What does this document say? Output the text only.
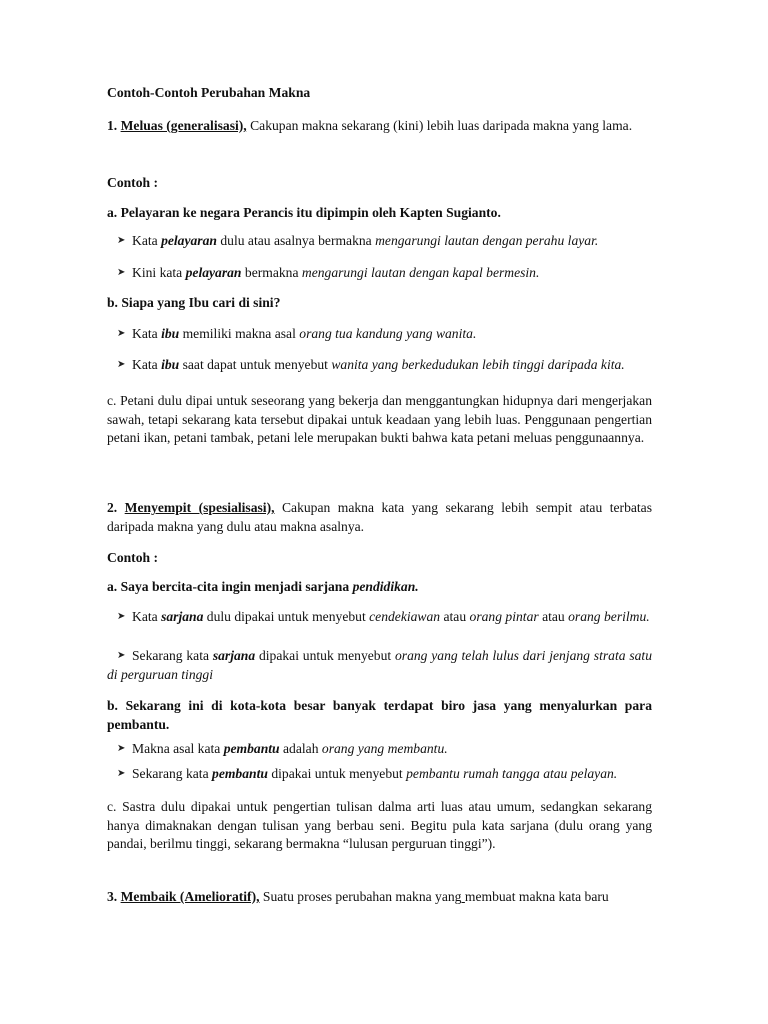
Contoh-Contoh Perubahan Makna
1. Meluas (generalisasi), Cakupan makna sekarang (kini) lebih luas daripada makna yang lama.
Contoh :
a. Pelayaran ke negara Perancis itu dipimpin oleh Kapten Sugianto.
➤ Kata pelayaran dulu atau asalnya bermakna mengarungi lautan dengan perahu layar.
➤ Kini kata pelayaran bermakna mengarungi lautan dengan kapal bermesin.
b. Siapa yang Ibu cari di sini?
➤ Kata ibu memiliki makna asal orang tua kandung yang wanita.
➤ Kata ibu saat dapat untuk menyebut wanita yang berkedudukan lebih tinggi daripada kita.
c. Petani dulu dipai untuk seseorang yang bekerja dan menggantungkan hidupnya dari mengerjakan sawah, tetapi sekarang kata tersebut dipakai untuk keadaan yang lebih luas. Penggunaan pengertian petani ikan, petani tambak, petani lele merupakan bukti bahwa kata petani meluas penggunaannya.
2. Menyempit (spesialisasi), Cakupan makna kata yang sekarang lebih sempit atau terbatas daripada makna yang dulu atau makna asalnya.
Contoh :
a. Saya bercita-cita ingin menjadi sarjana pendidikan.
➤ Kata sarjana dulu dipakai untuk menyebut cendekiawan atau orang pintar atau orang berilmu.
➤ Sekarang kata sarjana dipakai untuk menyebut orang yang telah lulus dari jenjang strata satu di perguruan tinggi
b. Sekarang ini di kota-kota besar banyak terdapat biro jasa yang menyalurkan para pembantu.
➤ Makna asal kata pembantu adalah orang yang membantu.
➤ Sekarang kata pembantu dipakai untuk menyebut pembantu rumah tangga atau pelayan.
c. Sastra dulu dipakai untuk pengertian tulisan dalma arti luas atau umum, sedangkan sekarang hanya dimaknakan dengan tulisan yang berbau seni. Begitu pula kata sarjana (dulu orang yang pandai, berilmu tinggi, sekarang bermakna “lulusan perguruan tinggi”).
3. Membaik (Amelioratif), Suatu proses perubahan makna yang membuat makna kata baru
